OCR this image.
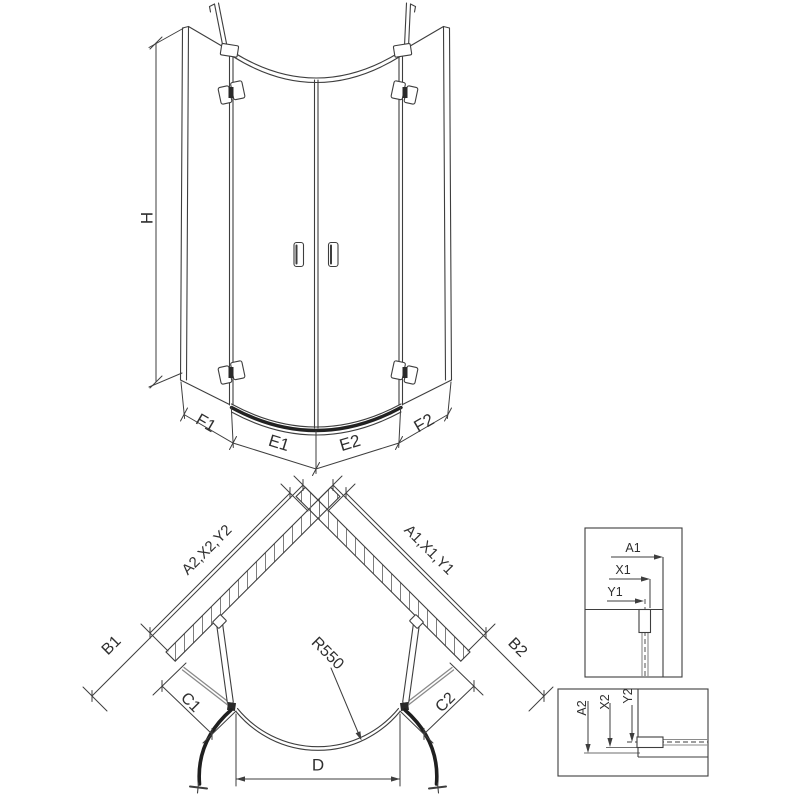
H
F1
E1	E2
F2
A2,X2,Y2	A1,X1,Y1
B1	B2
C1	C2
R550
D
A1
X1
Y1
A2 X2 Y2
